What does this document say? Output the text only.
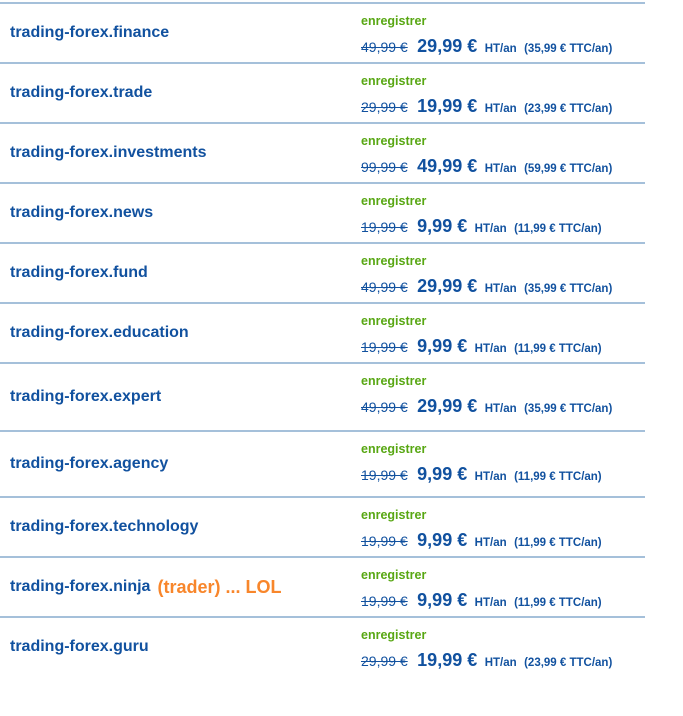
trading-forex.finance
enregistrer
49,99 € 29,99 € HT/an (35,99 € TTC/an)
trading-forex.trade
enregistrer
29,99 € 19,99 € HT/an (23,99 € TTC/an)
trading-forex.investments
enregistrer
99,99 € 49,99 € HT/an (59,99 € TTC/an)
trading-forex.news
enregistrer
19,99 € 9,99 € HT/an (11,99 € TTC/an)
trading-forex.fund
enregistrer
49,99 € 29,99 € HT/an (35,99 € TTC/an)
trading-forex.education
enregistrer
19,99 € 9,99 € HT/an (11,99 € TTC/an)
trading-forex.expert
enregistrer
49,99 € 29,99 € HT/an (35,99 € TTC/an)
trading-forex.agency
enregistrer
19,99 € 9,99 € HT/an (11,99 € TTC/an)
trading-forex.technology
enregistrer
19,99 € 9,99 € HT/an (11,99 € TTC/an)
trading-forex.ninja (trader) ... LOL
enregistrer
19,99 € 9,99 € HT/an (11,99 € TTC/an)
trading-forex.guru
enregistrer
29,99 € 19,99 € HT/an (23,99 € TTC/an)
